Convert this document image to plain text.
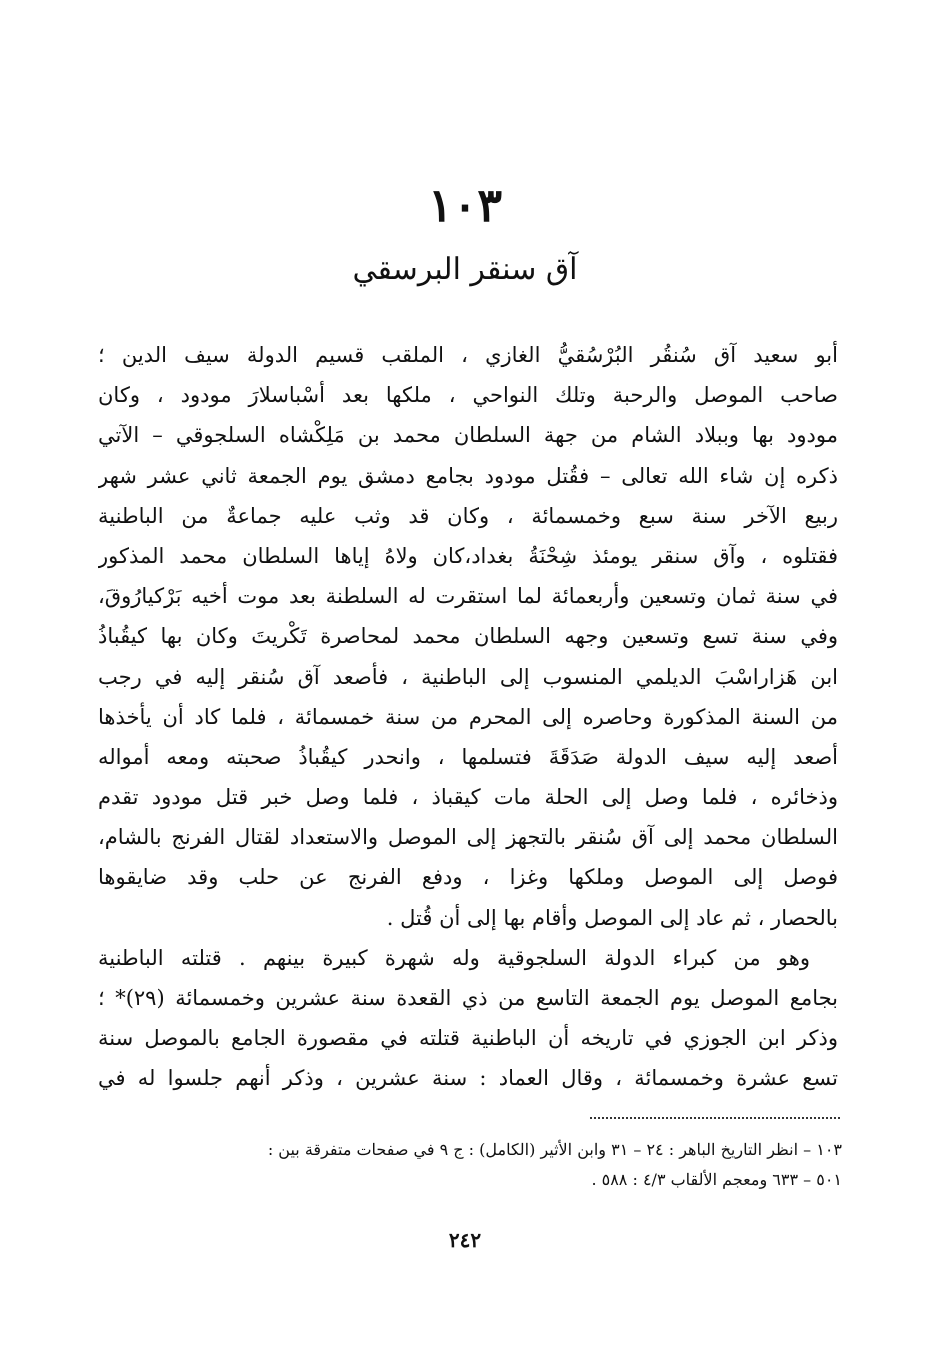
١٠٣
آق سنقر البرسقي
أبو سعيد آق سُنقُر البُرْسُقيُّ الغازي ، الملقب قسيم الدولة سيف الدين ؛
صاحب الموصل والرحبة وتلك النواحي ، ملكها بعد أسْباسلارَ مودود ، وكان
مودود بها وببلاد الشام من جهة السلطان محمد بن مَلِكْشاه السلجوقي – الآتي
ذكره إن شاء الله تعالى – فقُتل مودود بجامع دمشق يوم الجمعة ثاني عشر شهر
ربيع الآخر سنة سبع وخمسمائة ، وكان قد وثب عليه جماعةٌ من الباطنية
فقتلوه ، وآق سنقر يومئذ شِحْنَةُ بغداد،كان ولاهُ إياها السلطان محمد المذكور
في سنة ثمان وتسعين وأربعمائة لما استقرت له السلطنة بعد موت أخيه بَرْكيارُوقَ،
وفي سنة تسع وتسعين وجهه السلطان محمد لمحاصرة تَكْريتَ وكان بها كيقُباذُ
ابن هَزاراسْبَ الديلمي المنسوب إلى الباطنية ، فأصعد آق سُنقر إليه في رجب
من السنة المذكورة وحاصره إلى المحرم من سنة خمسمائة ، فلما كاد أن يأخذها
أصعد إليه سيف الدولة صَدَقَةَ فتسلمها ، وانحدر كيقُباذُ صحبته ومعه أمواله
وذخائره ، فلما وصل إلى الحلة مات كيقباذ ، فلما وصل خبر قتل مودود تقدم
السلطان محمد إلى آق سُنقر بالتجهز إلى الموصل والاستعداد لقتال الفرنج بالشام،
فوصل إلى الموصل وملكها وغزا ، ودفع الفرنج عن حلب وقد ضايقوها
بالحصار ، ثم عاد إلى الموصل وأقام بها إلى أن قُتل .
وهو من كبراء الدولة السلجوقية وله شهرة كبيرة بينهم . قتلته الباطنية
بجامع الموصل يوم الجمعة التاسع من ذي القعدة سنة عشرين وخمسمائة (٢٩)* ؛
وذكر ابن الجوزي في تاريخه أن الباطنية قتلته في مقصورة الجامع بالموصل سنة
تسع عشرة وخمسمائة ، وقال العماد : سنة عشرين ، وذكر أنهم جلسوا له في
١٠٣ – انظر التاريخ الباهر : ٢٤ – ٣١ وابن الأثير (الكامل) : ج ٩ في صفحات متفرقة بين :
٥٠١ – ٦٣٣ ومعجم الألقاب ٤/٣ : ٥٨٨ .
٢٤٢
